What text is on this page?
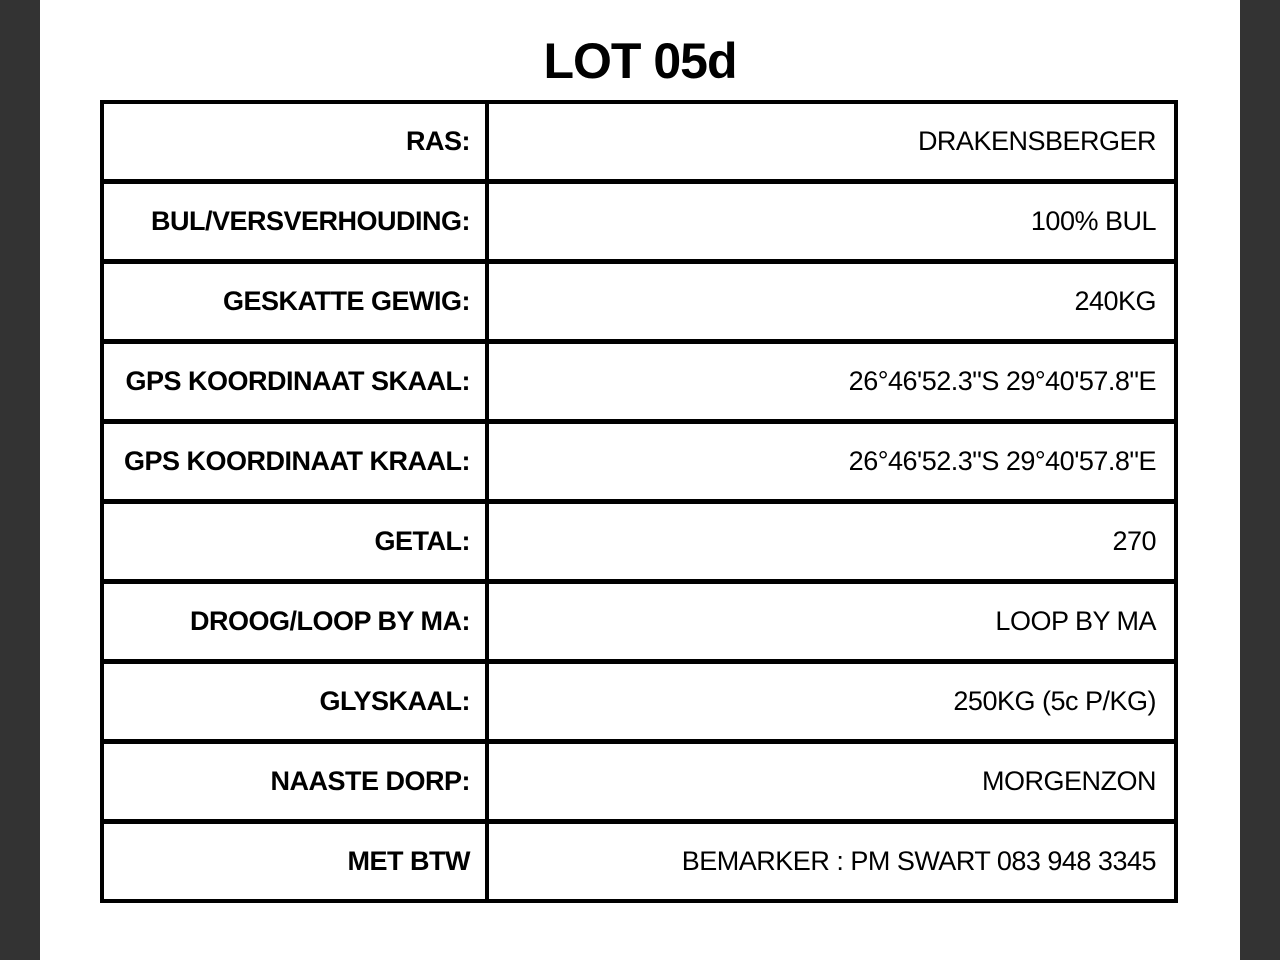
LOT 05d
RAS:	DRAKENSBERGER
BUL/VERSVERHOUDING:	100% BUL
GESKATTE GEWIG:	240KG
GPS KOORDINAAT SKAAL:	26°46'52.3"S 29°40'57.8"E
GPS KOORDINAAT KRAAL:	26°46'52.3"S 29°40'57.8"E
GETAL:	270
DROOG/LOOP BY MA:	LOOP BY MA
GLYSKAAL:	250KG (5c P/KG)
NAASTE DORP:	MORGENZON
MET BTW	BEMARKER : PM SWART 083 948 3345
